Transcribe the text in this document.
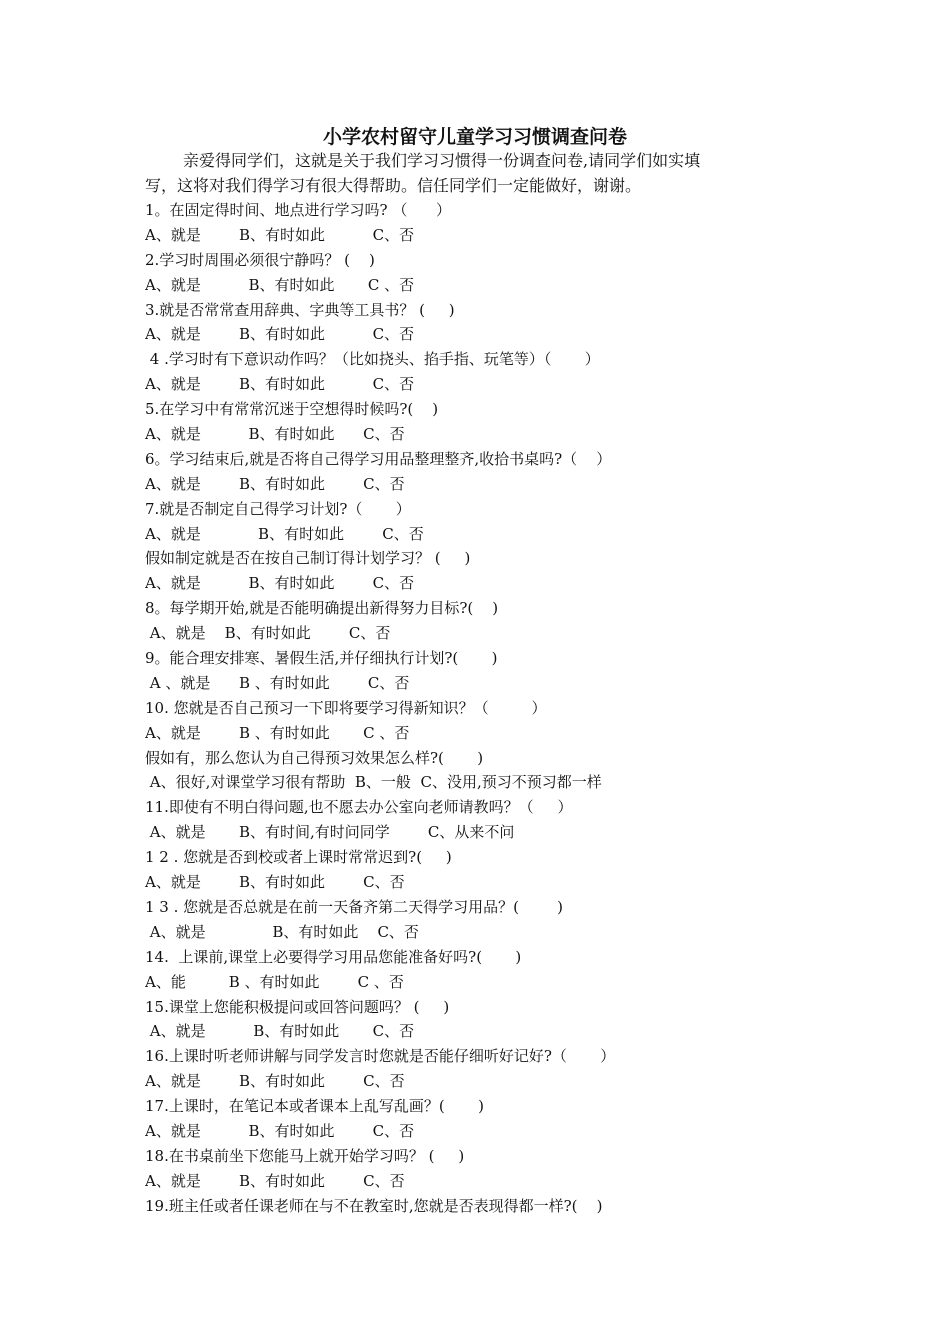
小学农村留守儿童学习习惯调查问卷

亲爱得同学们，这就是关于我们学习习惯得一份调查问卷,请同学们如实填

写，这将对我们得学习有很大得帮助。信任同学们一定能做好，谢谢。

1。在固定得时间、地点进行学习吗? （      ）
A、就是        B、有时如此          C、否
2.学习时周围必须很宁静吗？ (    )
A、就是          B、有时如此       C 、否
3.就是否常常查用辞典、字典等工具书？ (     )
A、就是        B、有时如此          C、否
4 .学习时有下意识动作吗？（比如挠头、掐手指、玩笔等）（       ）
A、就是        B、有时如此          C、否
5.在学习中有常常沉迷于空想得时候吗?(    )
A、就是          B、有时如此      C、否
6。学习结束后,就是否将自己得学习用品整理整齐,收拾书桌吗?（    ）
A、就是        B、有时如此        C、否
7.就是否制定自己得学习计划?（       ）
A、就是            B、有时如此        C、否
假如制定就是否在按自己制订得计划学习？ (     )
A、就是          B、有时如此        C、否
8。每学期开始,就是否能明确提出新得努力目标?(    )
A、就是    B、有时如此        C、否
9。能合理安排寒、暑假生活,并仔细执行计划?(       )
A 、就是      B 、有时如此        C、否
10. 您就是否自己预习一下即将要学习得新知识？（         ）
A、就是        B 、有时如此       C 、否
假如有，那么您认为自己得预习效果怎么样?(       )
A、很好,对课堂学习很有帮助  B、一般  C、没用,预习不预习都一样
11.即使有不明白得问题,也不愿去办公室向老师请教吗？（     ）
A、就是       B、有时间,有时问同学        C、从来不问
1 2 . 您就是否到校或者上课时常常迟到?(     )
A、就是        B、有时如此        C、否
1 3 . 您就是否总就是在前一天备齐第二天得学习用品？(        )
A、就是              B、有时如此    C、否
14.  上课前,课堂上必要得学习用品您能准备好吗?(       )
A、能         B 、有时如此        C 、否
15.课堂上您能积极提问或回答问题吗？ (     )
A、就是          B、有时如此       C、否
16.上课时听老师讲解与同学发言时您就是否能仔细听好记好?（       ）
A、就是        B、有时如此        C、否
17.上课时，在笔记本或者课本上乱写乱画？(       )
A、就是          B、有时如此        C、否
18.在书桌前坐下您能马上就开始学习吗？ (     )
A、就是        B、有时如此        C、否
19.班主任或者任课老师在与不在教室时,您就是否表现得都一样?(    )
